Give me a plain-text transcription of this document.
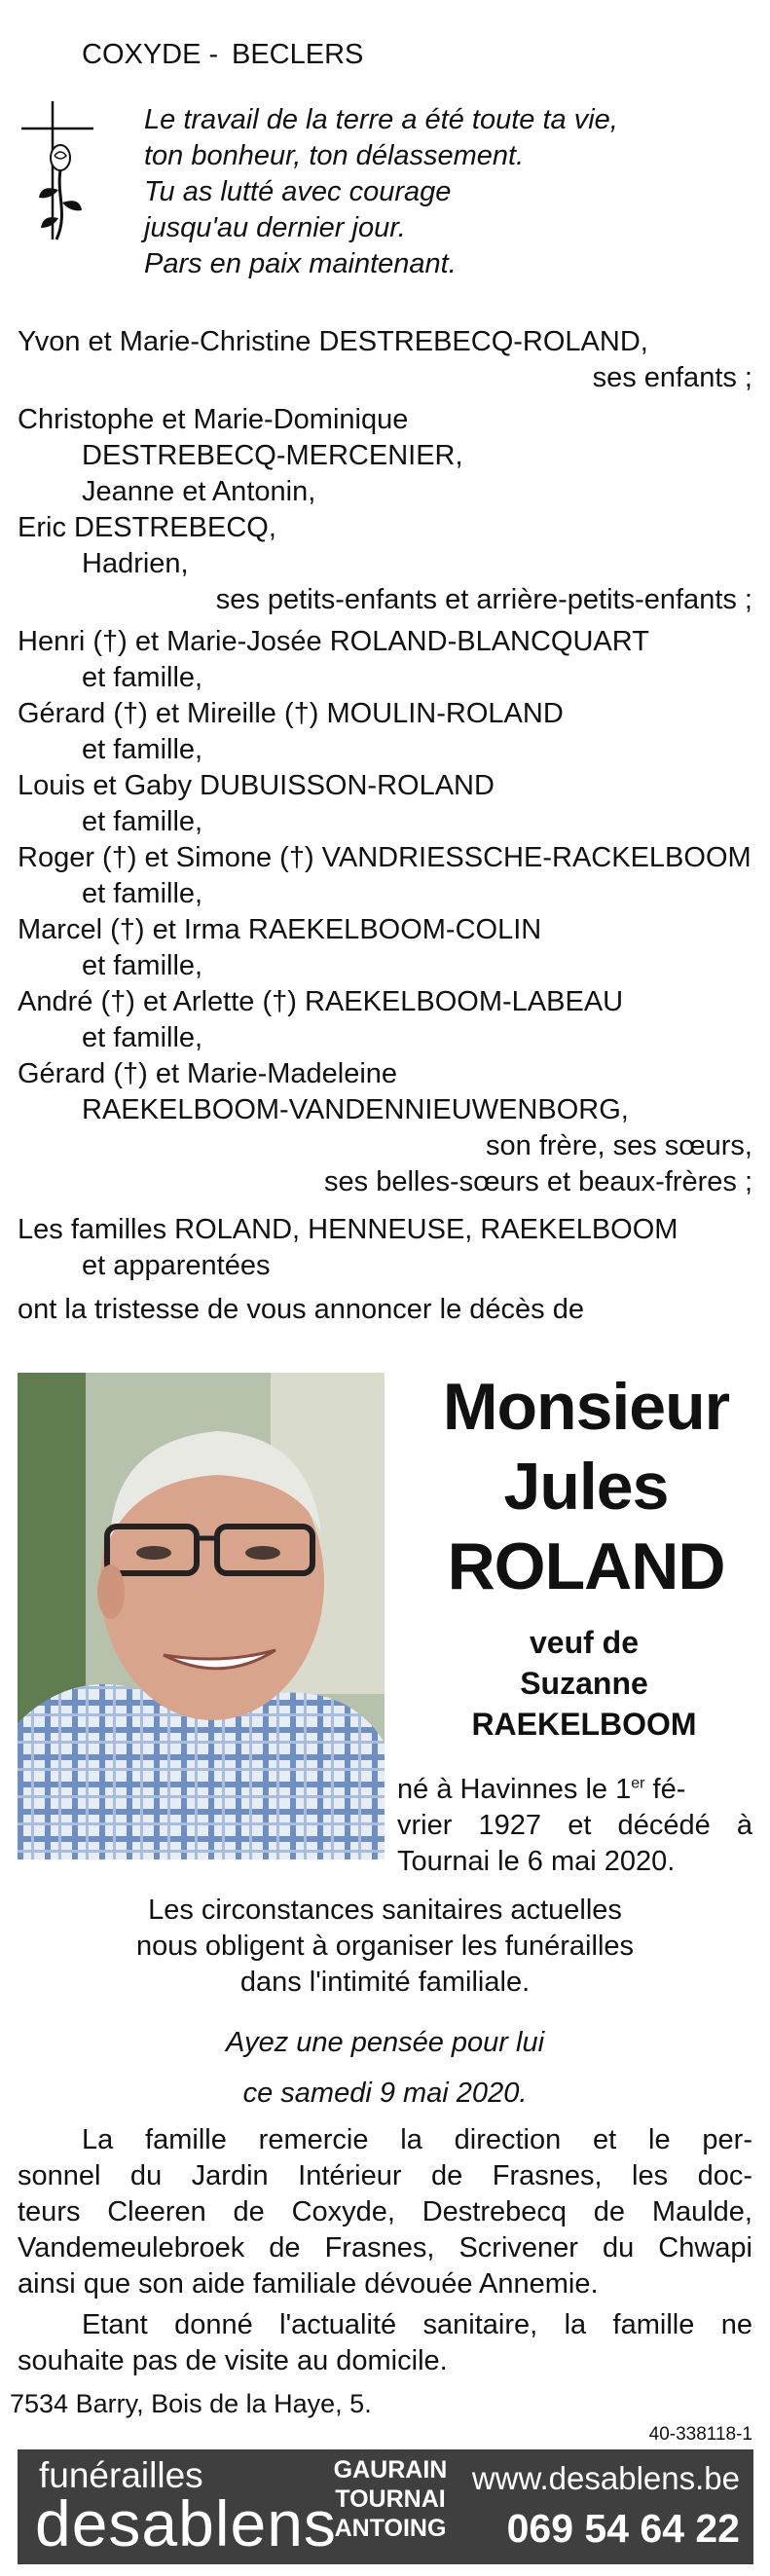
COXYDE - BECLERS
Le travail de la terre a été toute ta vie,
ton bonheur, ton délassement.
Tu as lutté avec courage
jusqu'au dernier jour.
Pars en paix maintenant.
Yvon et Marie-Christine DESTREBECQ-ROLAND,
ses enfants ;
Christophe et Marie-Dominique
DESTREBECQ-MERCENIER,
Jeanne et Antonin,
Eric DESTREBECQ,
Hadrien,
ses petits-enfants et arrière-petits-enfants ;
Henri (†) et Marie-Josée ROLAND-BLANCQUART
et famille,
Gérard (†) et Mireille (†) MOULIN-ROLAND
et famille,
Louis et Gaby DUBUISSON-ROLAND
et famille,
Roger (†) et Simone (†) VANDRIESSCHE-RACKELBOOM
et famille,
Marcel (†) et Irma RAEKELBOOM-COLIN
et famille,
André (†) et Arlette (†) RAEKELBOOM-LABEAU
et famille,
Gérard (†) et Marie-Madeleine
RAEKELBOOM-VANDENNIEUWENBORG,
son frère, ses sœurs,
ses belles-sœurs et beaux-frères ;
Les familles ROLAND, HENNEUSE, RAEKELBOOM
et apparentées
ont la tristesse de vous annoncer le décès de
Monsieur
Jules
ROLAND
veuf de
Suzanne
RAEKELBOOM
né à Havinnes le 1er fé-
vrier 1927 et décédé à
Tournai le 6 mai 2020.
Les circonstances sanitaires actuelles
nous obligent à organiser les funérailles
dans l'intimité familiale.
Ayez une pensée pour lui
ce samedi 9 mai 2020.
La famille remercie la direction et le per-
sonnel du Jardin Intérieur de Frasnes, les doc-
teurs Cleeren de Coxyde, Destrebecq de Maulde,
Vandemeulebroek de Frasnes, Scrivener du Chwapi
ainsi que son aide familiale dévouée Annemie.
Etant donné l'actualité sanitaire, la famille ne
souhaite pas de visite au domicile.
7534 Barry, Bois de la Haye, 5.
40-338118-1
funérailles
desablens
GAURAIN
TOURNAI
ANTOING
www.desablens.be
069 54 64 22
